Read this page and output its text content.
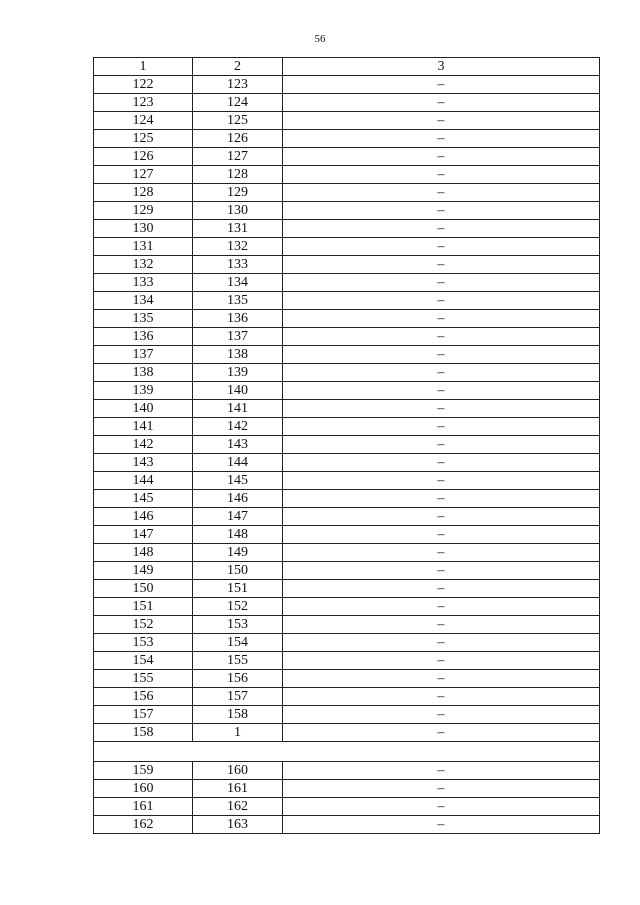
56
1	2	3
122	123	–
123	124	–
124	125	–
125	126	–
126	127	–
127	128	–
128	129	–
129	130	–
130	131	–
131	132	–
132	133	–
133	134	–
134	135	–
135	136	–
136	137	–
137	138	–
138	139	–
139	140	–
140	141	–
141	142	–
142	143	–
143	144	–
144	145	–
145	146	–
146	147	–
147	148	–
148	149	–
149	150	–
150	151	–
151	152	–
152	153	–
153	154	–
154	155	–
155	156	–
156	157	–
157	158	–
158	1	–

159	160	–
160	161	–
161	162	–
162	163	–
